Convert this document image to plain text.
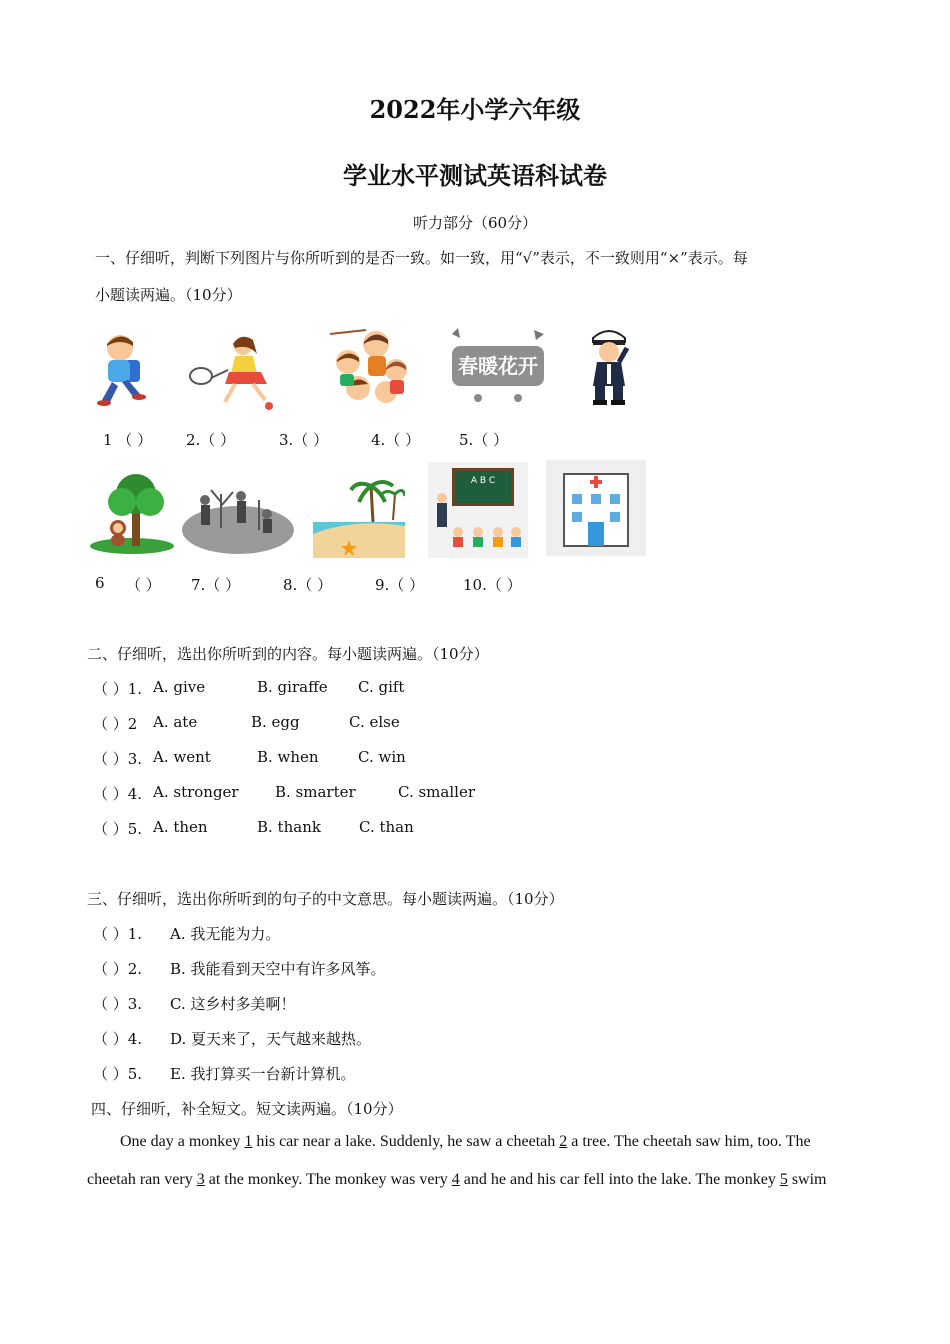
2022年小学六年级
学业水平测试英语科试卷
听力部分（60分）
一、仔细听，判断下列图片与你所听到的是否一致。如一致，用“√”表示，不一致则用“×”表示。每
小题读两遍。（10分）
春暖花开
1 （ ） 2.（ ）	3.（ ）	4.（ ）	5.（ ）
A B C
6 （ ） 7.（ ）	8.（ ）	9.（ ）	10.（ ）
二、仔细听，选出你所听到的内容。每小题读两遍。（10分）
（ ）1. A. give	B. giraffe C. gift
（ ）2 A. ate	B. egg	C. else
（ ）3. A. went	B. when	C. win
（ ）4. A. stronger B. smarter	C. smaller
（ ）5. A. then	B. thank	C. than
三、仔细听，选出你所听到的句子的中文意思。每小题读两遍。（10分）
（ ）1. A. 我无能为力。
（ ）2. B. 我能看到天空中有许多风筝。
（ ）3. C. 这乡村多美啊！
（ ）4. D. 夏天来了，天气越来越热。
（ ）5. E. 我打算买一台新计算机。
四、仔细听，补全短文。短文读两遍。（10分）
One day a monkey 1 his car near a lake. Suddenly, he saw a cheetah 2 a tree. The cheetah saw him, too. The
cheetah ran very 3 at the monkey. The monkey was very 4 and he and his car fell into the lake. The monkey 5 swim
